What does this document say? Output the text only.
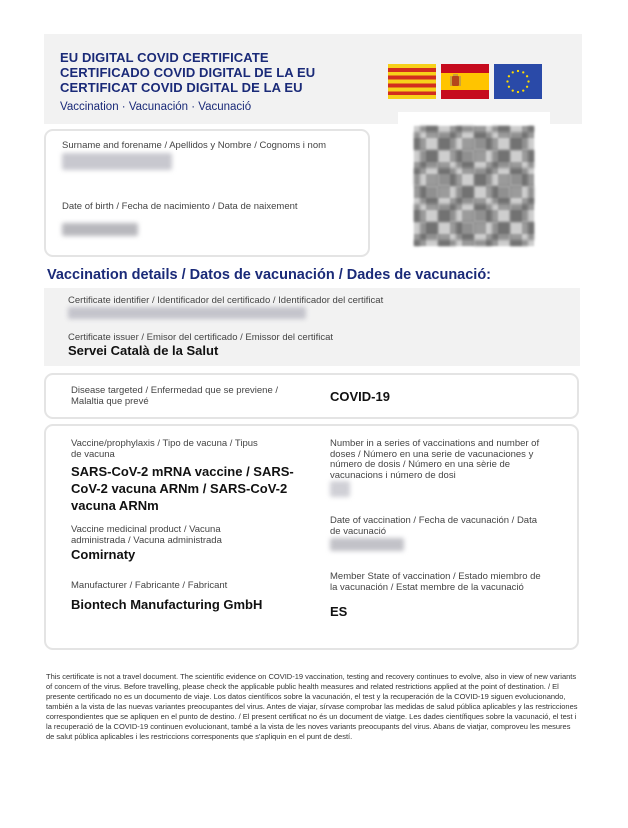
EU DIGITAL COVID CERTIFICATE
CERTIFICADO COVID DIGITAL DE LA EU
CERTIFICAT COVID DIGITAL DE LA EU
Vaccination · Vacunación · Vacunació
Surname and forename / Apellidos y Nombre / Cognoms i nom
Date of birth / Fecha de nacimiento / Data de naixement
Vaccination details / Datos de vacunación / Dades de vacunació:
Certificate identifier / Identificador del certificado / Identificador del certificat
Certificate issuer / Emisor del certificado / Emissor del certificat
Servei Català de la Salut
Disease targeted / Enfermedad que se previene / Malaltia que prevé	COVID-19
Vaccine/prophylaxis / Tipo de vacuna / Tipus de vacuna
SARS-CoV-2 mRNA vaccine / SARS-CoV-2 vacuna ARNm / SARS-CoV-2 vacuna ARNm
Vaccine medicinal product / Vacuna administrada / Vacuna administrada
Comirnaty
Manufacturer / Fabricante / Fabricant
Biontech Manufacturing GmbH
Number in a series of vaccinations and number of doses / Número en una serie de vacunaciones y número de dosis / Número en una sèrie de vacunacions i número de dosi
Date of vaccination / Fecha de vacunación / Data de vacunació
Member State of vaccination / Estado miembro de la vacunación / Estat membre de la vacunació
ES
This certificate is not a travel document. The scientific evidence on COVID-19 vaccination, testing and recovery continues to evolve, also in view of new variants of concern of the virus. Before travelling, please check the applicable public health measures and related restrictions applied at the point of destination. / El presente certificado no es un documento de viaje. Los datos científicos sobre la vacunación, el test y la recuperación de la COVID-19 siguen evolucionando, también a la vista de las nuevas variantes preocupantes del virus. Antes de viajar, sírvase comprobar las medidas de salud pública aplicables y las restricciones correspondientes que se apliquen en el punto de destino. / El present certificat no és un document de viatge. Les dades científiques sobre la vacunació, el test i la recuperació de la COVID-19 continuen evolucionant, també a la vista de les noves variants preocupants del virus. Abans de viatjar, comproveu les mesures de salut pública aplicables i les restriccions corresponents que s'apliquin en el punt de destí.
